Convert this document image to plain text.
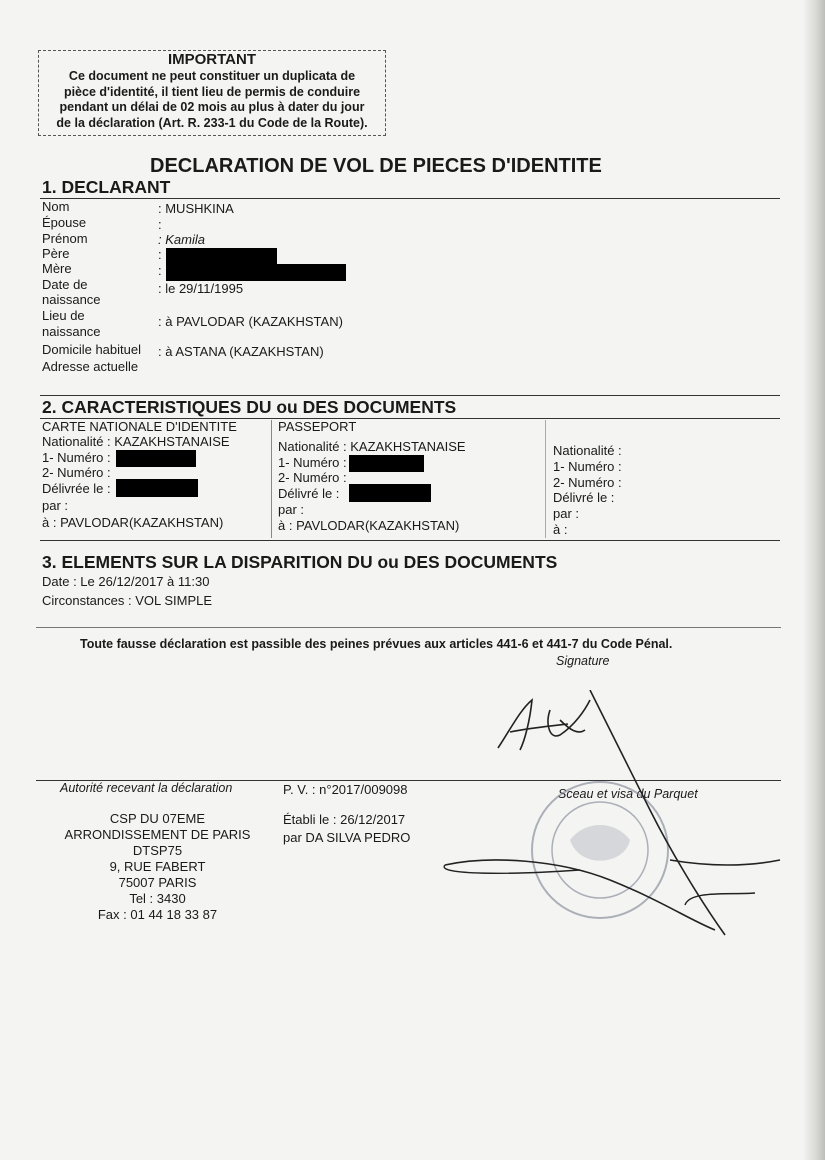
IMPORTANT
Ce document ne peut constituer un duplicata de
pièce d'identité, il tient lieu de permis de conduire
pendant un délai de 02 mois au plus à dater du jour
de la déclaration (Art. R. 233-1 du Code de la Route).
DECLARATION DE VOL DE PIECES D'IDENTITE
1. DECLARANT
Nom	: MUSHKINA
Épouse	:
Prénom	: Kamila
Père	:
Mère	:
Date de
naissance
: le 29/11/1995
Lieu de
naissance
: à PAVLODAR (KAZAKHSTAN)
Domicile habituel : à ASTANA (KAZAKHSTAN)
Adresse actuelle
2. CARACTERISTIQUES DU ou DES DOCUMENTS
CARTE NATIONALE D'IDENTITE
Nationalité : KAZAKHSTANAISE
1- Numéro :
2- Numéro :
Délivrée le :
par :
à : PAVLODAR(KAZAKHSTAN)
PASSEPORT
Nationalité : KAZAKHSTANAISE
1- Numéro :
2- Numéro :
Délivré le :
par :
à : PAVLODAR(KAZAKHSTAN)
Nationalité :
1- Numéro :
2- Numéro :
Délivré le :
par :
à :
3. ELEMENTS SUR LA DISPARITION DU ou DES DOCUMENTS
Date : Le 26/12/2017 à 11:30
Circonstances : VOL SIMPLE
Toute fausse déclaration est passible des peines prévues aux articles 441-6 et 441-7 du Code Pénal.
Signature
Autorité recevant la déclaration	P. V. : n°2017/009098	Sceau et visa du Parquet
CSP DU 07EME
ARRONDISSEMENT DE PARIS
DTSP75
9, RUE FABERT
75007 PARIS
Tel : 3430
Fax : 01 44 18 33 87
Établi le : 26/12/2017
par DA SILVA PEDRO
